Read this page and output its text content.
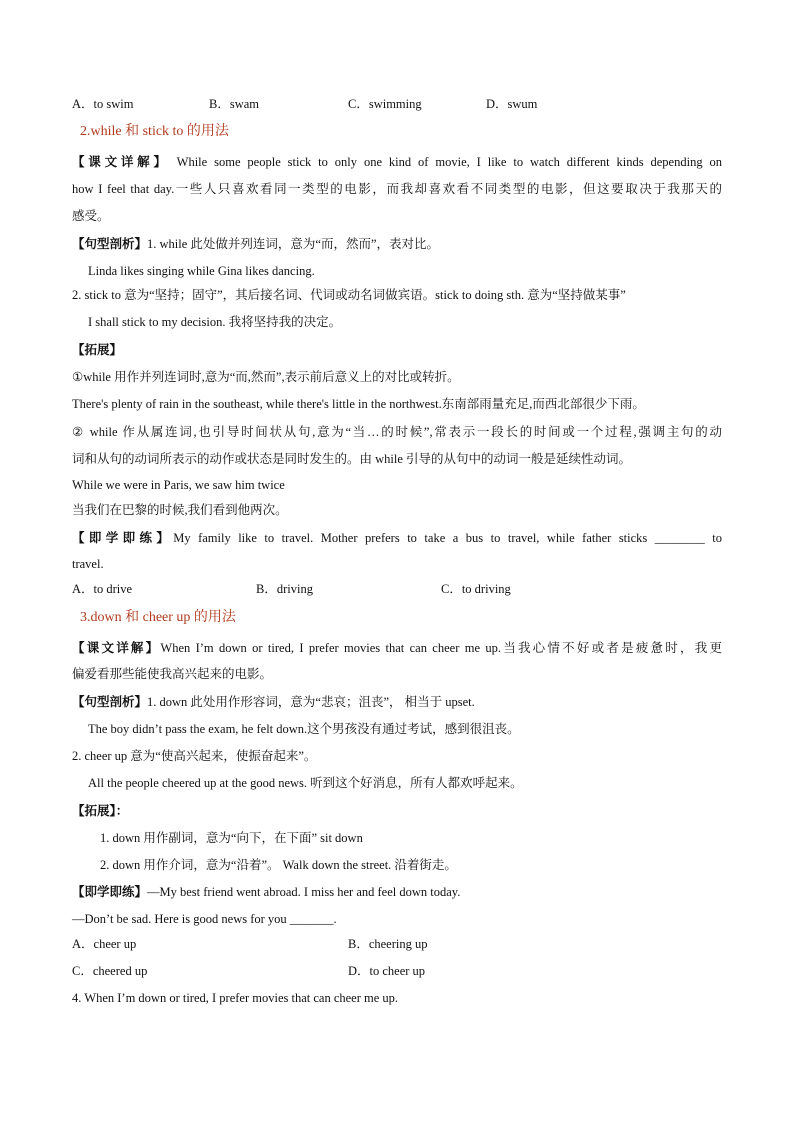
A．to swim	B．swam	C．swimming	D．swum
2.while 和 stick to 的用法
【课文详解】 While some people stick to only one kind of movie, I like to watch different kinds depending on
how I feel that day.一些人只喜欢看同一类型的电影，而我却喜欢看不同类型的电影，但这要取决于我那天的
感受。
【句型剖析】1. while 此处做并列连词，意为“而，然而”，表对比。
Linda likes singing while Gina likes dancing.
2. stick to 意为“坚持；固守”，其后接名词、代词或动名词做宾语。stick to doing sth. 意为“坚持做某事”
I shall stick to my decision. 我将坚持我的决定。
【拓展】
①while 用作并列连词时,意为“而,然而”,表示前后意义上的对比或转折。
There's plenty of rain in the southeast, while there's little in the northwest.东南部雨量充足,而西北部很少下雨。
② while 作从属连词,也引导时间状从句,意为“当…的时候”,常表示一段长的时间或一个过程,强调主句的动
词和从句的动词所表示的动作或状态是同时发生的。由 while 引导的从句中的动词一般是延续性动词。
While we were in Paris, we saw him twice
当我们在巴黎的时候,我们看到他两次。
【即学即练】My family like to travel. Mother prefers to take a bus to travel, while father sticks ________ to
travel.
A．to drive	B．driving	C．to driving
3.down 和 cheer up 的用法
【课文详解】When I’m down or tired, I prefer movies that can cheer me up.当我心情不好或者是疲惫时，我更
偏爱看那些能使我高兴起来的电影。
【句型剖析】1. down 此处用作形容词，意为“悲哀；沮丧”， 相当于 upset.
The boy didn’t pass the exam, he felt down.这个男孩没有通过考试，感到很沮丧。
2. cheer up 意为“使高兴起来，使振奋起来”。
All the people cheered up at the good news. 听到这个好消息，所有人都欢呼起来。
【拓展】：
1. down 用作副词，意为“向下，在下面” sit down
2. down 用作介词，意为“沿着”。 Walk down the street. 沿着街走。
【即学即练】—My best friend went abroad. I miss her and feel down today.
—Don’t be sad. Here is good news for you _______.
A．cheer up	B．cheering up
C．cheered up	D．to cheer up
4. When I’m down or tired, I prefer movies that can cheer me up.
